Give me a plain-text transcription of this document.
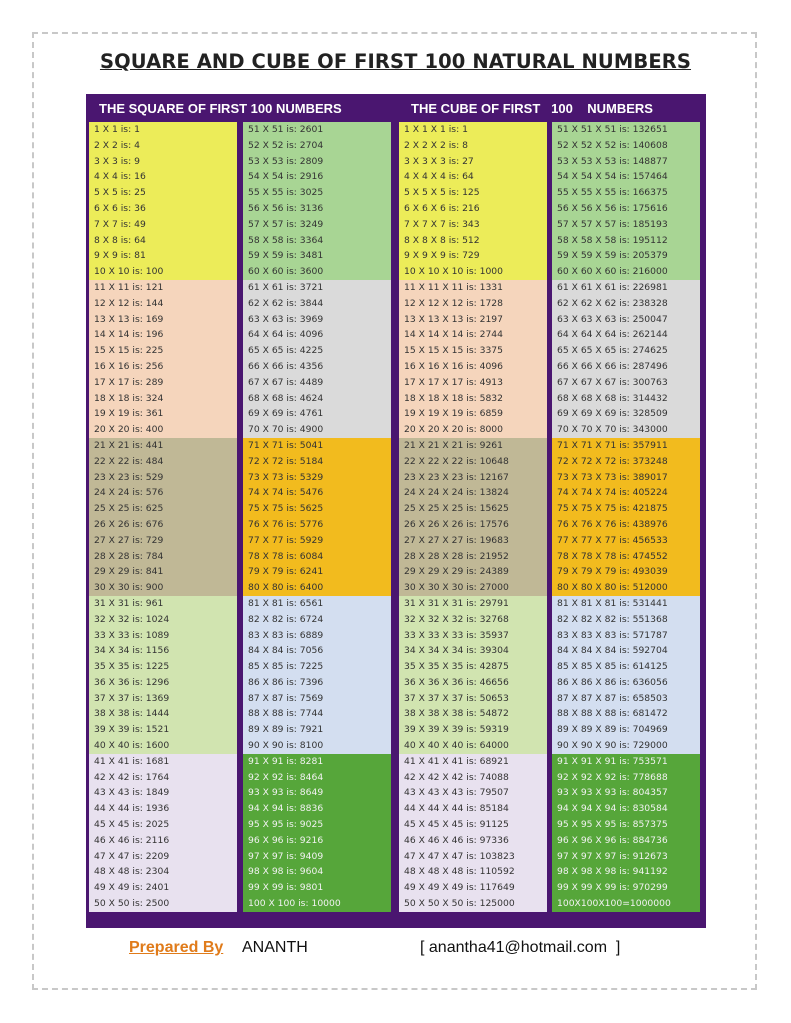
SQUARE AND CUBE OF FIRST 100 NATURAL NUMBERS
THE SQUARE OF FIRST 100 NUMBERS	THE CUBE OF FIRST   100    NUMBERS
1 X 1 is: 1
2 X 2 is: 4
3 X 3 is: 9
4 X 4 is: 16
5 X 5 is: 25
6 X 6 is: 36
7 X 7 is: 49
8 X 8 is: 64
9 X 9 is: 81
10 X 10 is: 100
11 X 11 is: 121
12 X 12 is: 144
13 X 13 is: 169
14 X 14 is: 196
15 X 15 is: 225
16 X 16 is: 256
17 X 17 is: 289
18 X 18 is: 324
19 X 19 is: 361
20 X 20 is: 400
21 X 21 is: 441
22 X 22 is: 484
23 X 23 is: 529
24 X 24 is: 576
25 X 25 is: 625
26 X 26 is: 676
27 X 27 is: 729
28 X 28 is: 784
29 X 29 is: 841
30 X 30 is: 900
31 X 31 is: 961
32 X 32 is: 1024
33 X 33 is: 1089
34 X 34 is: 1156
35 X 35 is: 1225
36 X 36 is: 1296
37 X 37 is: 1369
38 X 38 is: 1444
39 X 39 is: 1521
40 X 40 is: 1600
41 X 41 is: 1681
42 X 42 is: 1764
43 X 43 is: 1849
44 X 44 is: 1936
45 X 45 is: 2025
46 X 46 is: 2116
47 X 47 is: 2209
48 X 48 is: 2304
49 X 49 is: 2401
50 X 50 is: 2500
51 X 51 is: 2601
52 X 52 is: 2704
53 X 53 is: 2809
54 X 54 is: 2916
55 X 55 is: 3025
56 X 56 is: 3136
57 X 57 is: 3249
58 X 58 is: 3364
59 X 59 is: 3481
60 X 60 is: 3600
61 X 61 is: 3721
62 X 62 is: 3844
63 X 63 is: 3969
64 X 64 is: 4096
65 X 65 is: 4225
66 X 66 is: 4356
67 X 67 is: 4489
68 X 68 is: 4624
69 X 69 is: 4761
70 X 70 is: 4900
71 X 71 is: 5041
72 X 72 is: 5184
73 X 73 is: 5329
74 X 74 is: 5476
75 X 75 is: 5625
76 X 76 is: 5776
77 X 77 is: 5929
78 X 78 is: 6084
79 X 79 is: 6241
80 X 80 is: 6400
81 X 81 is: 6561
82 X 82 is: 6724
83 X 83 is: 6889
84 X 84 is: 7056
85 X 85 is: 7225
86 X 86 is: 7396
87 X 87 is: 7569
88 X 88 is: 7744
89 X 89 is: 7921
90 X 90 is: 8100
91 X 91 is: 8281
92 X 92 is: 8464
93 X 93 is: 8649
94 X 94 is: 8836
95 X 95 is: 9025
96 X 96 is: 9216
97 X 97 is: 9409
98 X 98 is: 9604
99 X 99 is: 9801
100 X 100 is: 10000
1 X 1 X 1 is: 1
2 X 2 X 2 is: 8
3 X 3 X 3 is: 27
4 X 4 X 4 is: 64
5 X 5 X 5 is: 125
6 X 6 X 6 is: 216
7 X 7 X 7 is: 343
8 X 8 X 8 is: 512
9 X 9 X 9 is: 729
10 X 10 X 10 is: 1000
11 X 11 X 11 is: 1331
12 X 12 X 12 is: 1728
13 X 13 X 13 is: 2197
14 X 14 X 14 is: 2744
15 X 15 X 15 is: 3375
16 X 16 X 16 is: 4096
17 X 17 X 17 is: 4913
18 X 18 X 18 is: 5832
19 X 19 X 19 is: 6859
20 X 20 X 20 is: 8000
21 X 21 X 21 is: 9261
22 X 22 X 22 is: 10648
23 X 23 X 23 is: 12167
24 X 24 X 24 is: 13824
25 X 25 X 25 is: 15625
26 X 26 X 26 is: 17576
27 X 27 X 27 is: 19683
28 X 28 X 28 is: 21952
29 X 29 X 29 is: 24389
30 X 30 X 30 is: 27000
31 X 31 X 31 is: 29791
32 X 32 X 32 is: 32768
33 X 33 X 33 is: 35937
34 X 34 X 34 is: 39304
35 X 35 X 35 is: 42875
36 X 36 X 36 is: 46656
37 X 37 X 37 is: 50653
38 X 38 X 38 is: 54872
39 X 39 X 39 is: 59319
40 X 40 X 40 is: 64000
41 X 41 X 41 is: 68921
42 X 42 X 42 is: 74088
43 X 43 X 43 is: 79507
44 X 44 X 44 is: 85184
45 X 45 X 45 is: 91125
46 X 46 X 46 is: 97336
47 X 47 X 47 is: 103823
48 X 48 X 48 is: 110592
49 X 49 X 49 is: 117649
50 X 50 X 50 is: 125000
51 X 51 X 51 is: 132651
52 X 52 X 52 is: 140608
53 X 53 X 53 is: 148877
54 X 54 X 54 is: 157464
55 X 55 X 55 is: 166375
56 X 56 X 56 is: 175616
57 X 57 X 57 is: 185193
58 X 58 X 58 is: 195112
59 X 59 X 59 is: 205379
60 X 60 X 60 is: 216000
61 X 61 X 61 is: 226981
62 X 62 X 62 is: 238328
63 X 63 X 63 is: 250047
64 X 64 X 64 is: 262144
65 X 65 X 65 is: 274625
66 X 66 X 66 is: 287496
67 X 67 X 67 is: 300763
68 X 68 X 68 is: 314432
69 X 69 X 69 is: 328509
70 X 70 X 70 is: 343000
71 X 71 X 71 is: 357911
72 X 72 X 72 is: 373248
73 X 73 X 73 is: 389017
74 X 74 X 74 is: 405224
75 X 75 X 75 is: 421875
76 X 76 X 76 is: 438976
77 X 77 X 77 is: 456533
78 X 78 X 78 is: 474552
79 X 79 X 79 is: 493039
80 X 80 X 80 is: 512000
81 X 81 X 81 is: 531441
82 X 82 X 82 is: 551368
83 X 83 X 83 is: 571787
84 X 84 X 84 is: 592704
85 X 85 X 85 is: 614125
86 X 86 X 86 is: 636056
87 X 87 X 87 is: 658503
88 X 88 X 88 is: 681472
89 X 89 X 89 is: 704969
90 X 90 X 90 is: 729000
91 X 91 X 91 is: 753571
92 X 92 X 92 is: 778688
93 X 93 X 93 is: 804357
94 X 94 X 94 is: 830584
95 X 95 X 95 is: 857375
96 X 96 X 96 is: 884736
97 X 97 X 97 is: 912673
98 X 98 X 98 is: 941192
99 X 99 X 99 is: 970299
100X100X100=1000000
Prepared By ANANTH	[ anantha41@hotmail.com  ]
